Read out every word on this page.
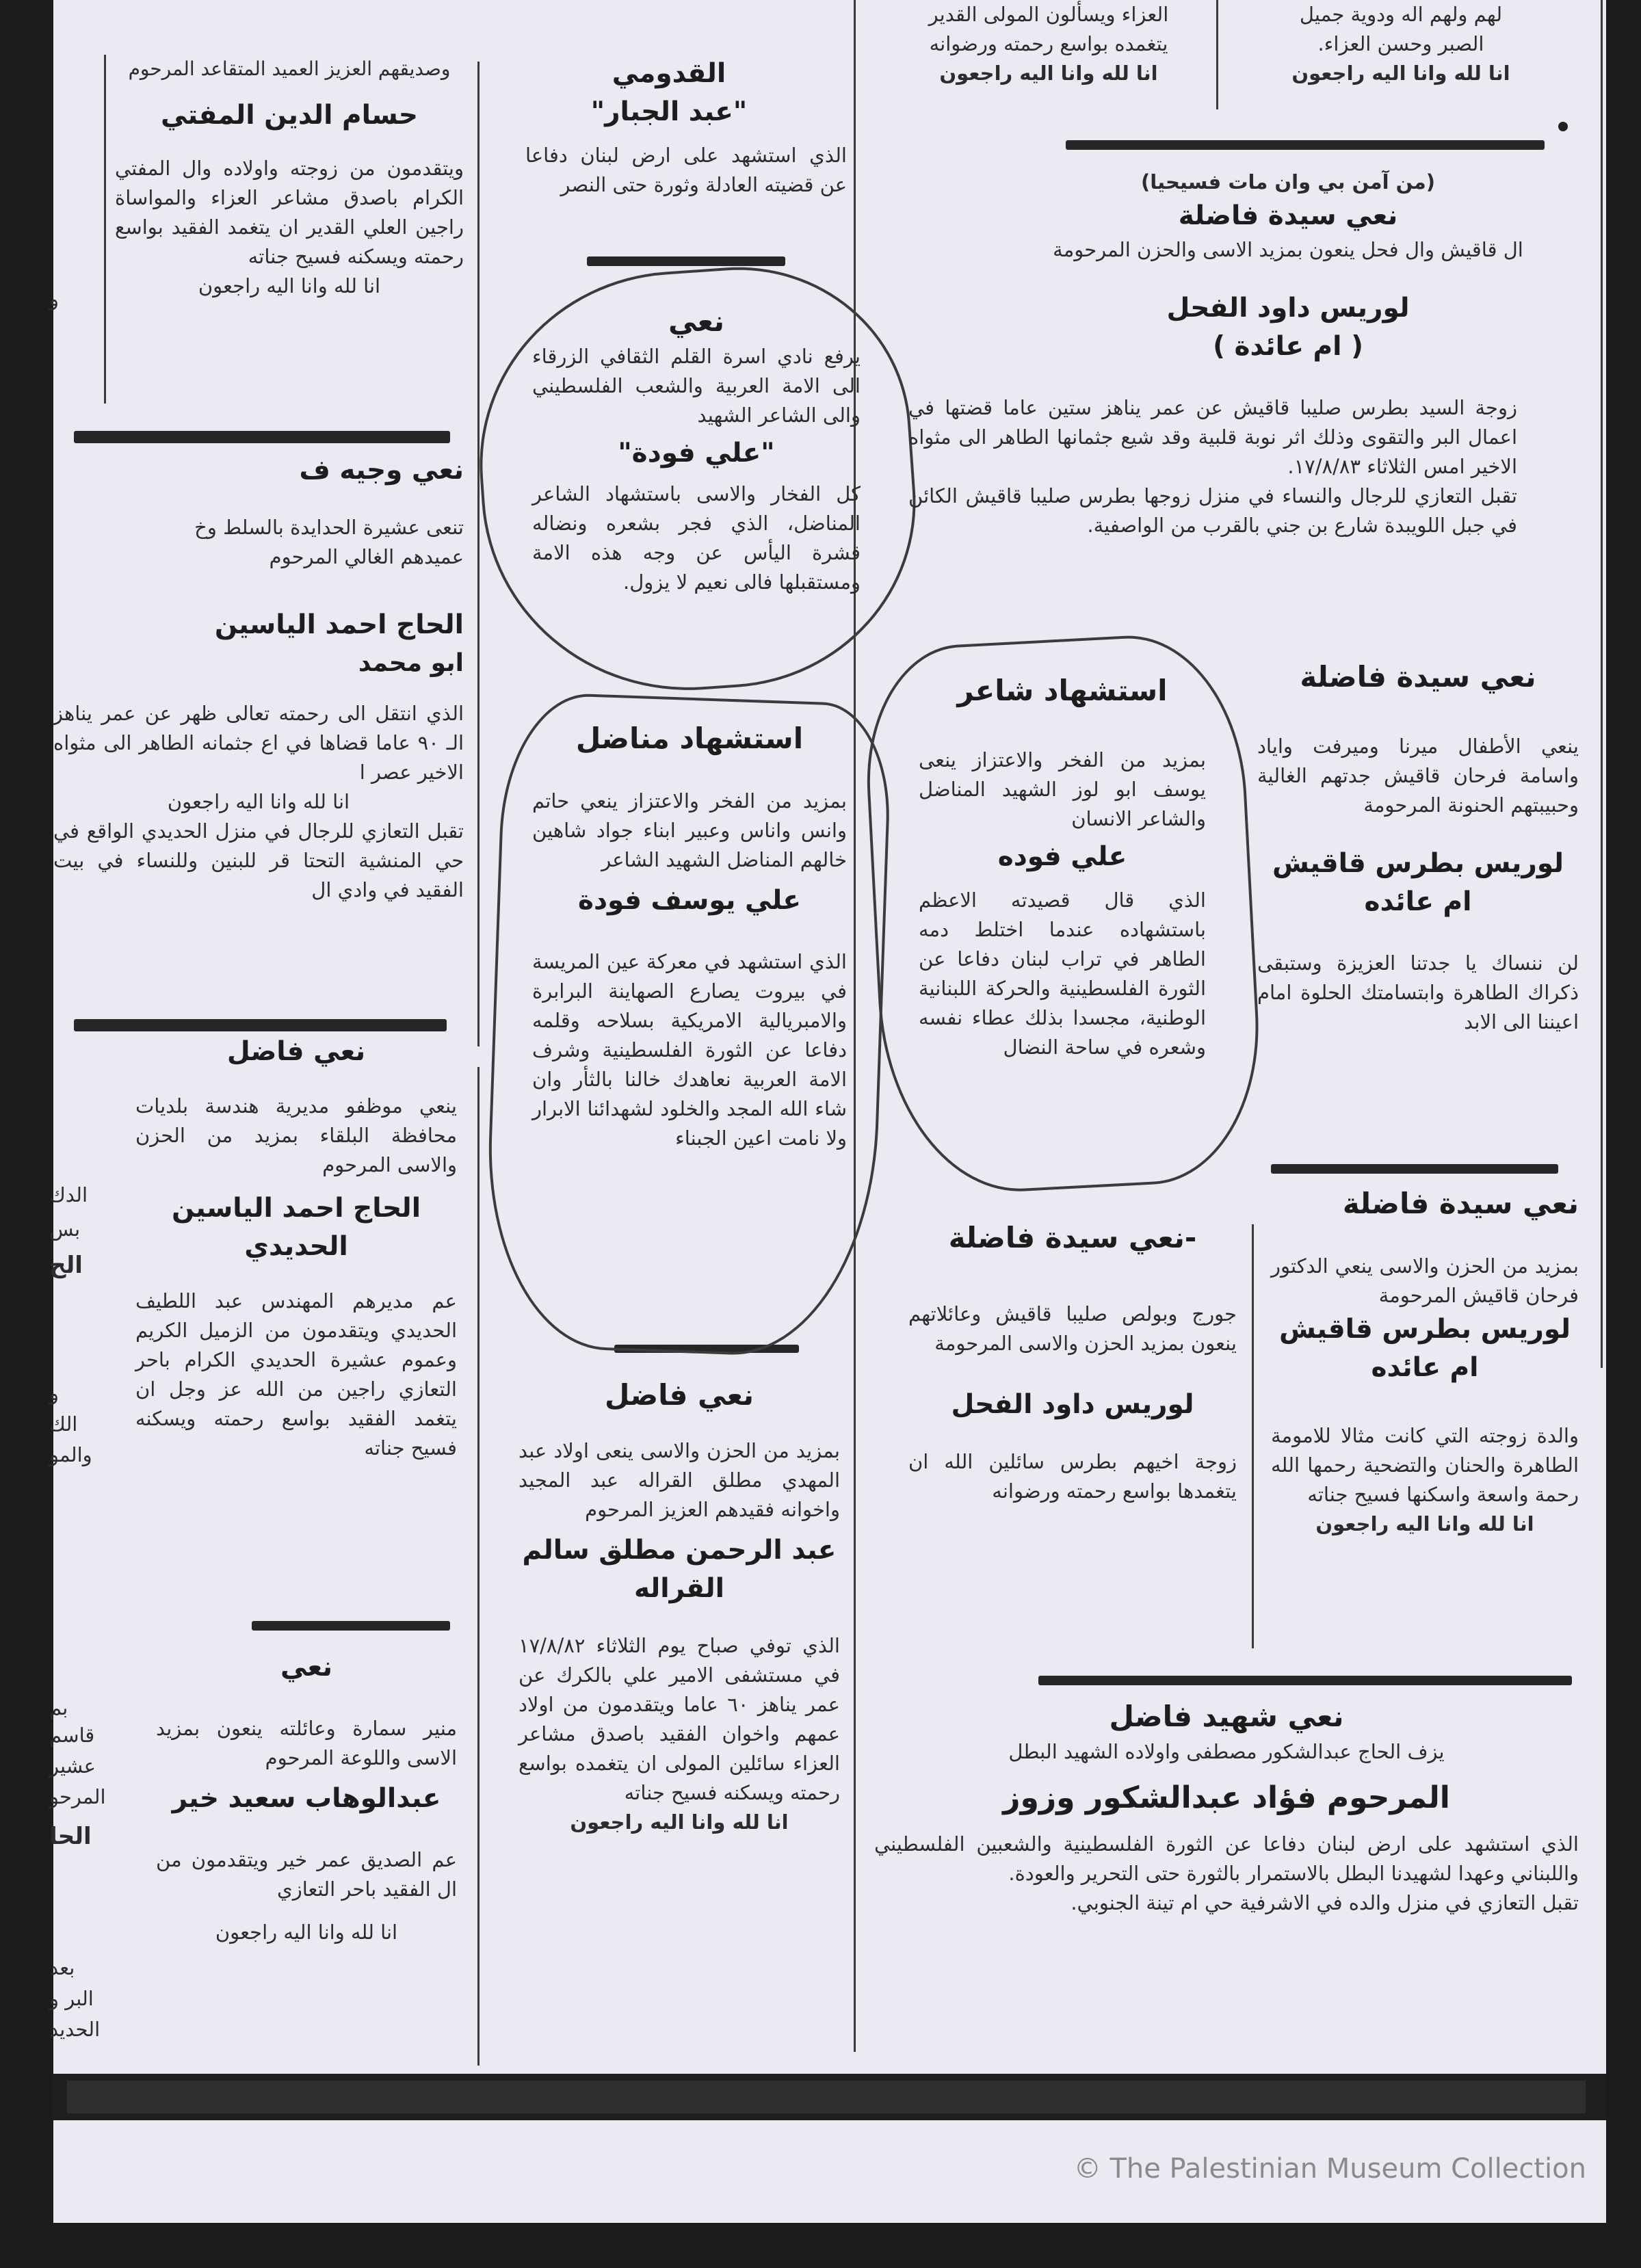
وصديقهم العزيز العميد المتقاعد المرحوم

حسام الدين المفتي

ويتقدمون من زوجته واولاده وال المفتي الكرام باصدق مشاعر العزاء والمواساة راجين العلي القدير ان يتغمد الفقيد بواسع رحمته ويسكنه فسيح جناته

انا لله وانا اليه راجعون

نعي وجيه ف

تنعى عشيرة الحدايدة بالسلط وخ

عميدهم الغالي المرحوم

الحاج احمد الياسين
ابو محمد

الذي انتقل الى رحمته تعالى ظهر عن عمر يناهز الـ ٩٠ عاما قضاها في اع جثمانه الطاهر الى مثواه الاخير عصر ا

انا لله وانا اليه راجعون

تقبل التعازي للرجال في منزل الحديدي الواقع في حي المنشية التحتا قر للبنين وللنساء في بيت الفقيد في وادي ال

نعي فاضل

ينعي موظفو مديرية هندسة بلديات محافظة البلقاء بمزيد من الحزن والاسى المرحوم

الحاج احمد الياسين الحديدي

عم مديرهم المهندس عبد اللطيف الحديدي ويتقدمون من الزميل الكريم وعموم عشيرة الحديدي الكرام باحر التعازي راجين من الله عز وجل ان يتغمد الفقيد بواسع رحمته ويسكنه فسيح جناته

نعي

منير سمارة وعائلته ينعون بمزيد الاسى واللوعة المرحوم

عبدالوهاب سعيد خير

عم الصديق عمر خير ويتقدمون من ال الفقيد باحر التعازي

انا لله وانا اليه راجعون

و
الدك
بس
الح
و
الك
والمو
بم
قاسم
عشير
المرحو
الحا
بعد
البر و
الحديد
القدومي
"عبد الجبار"

الذي استشهد على ارض لبنان دفاعا عن قضيته العادلة وثورة حتى النصر

نعي

يرفع نادي اسرة القلم الثقافي الزرقاء الى الامة العربية والشعب الفلسطيني والى الشاعر الشهيد

"علي فودة"

كل الفخار والاسى باستشهاد الشاعر المناضل، الذي فجر بشعره ونضاله قشرة اليأس عن وجه هذه الامة ومستقبلها فالى نعيم لا يزول.

استشهاد مناضل

بمزيد من الفخر والاعتزاز ينعي حاتم وانس واناس وعبير ابناء جواد شاهين خالهم المناضل الشهيد الشاعر

علي يوسف فودة

الذي استشهد في معركة عين المريسة في بيروت يصارع الصهاينة البرابرة والامبريالية الامريكية بسلاحه وقلمه دفاعا عن الثورة الفلسطينية وشرف الامة العربية نعاهدك خالنا بالثأر وان شاء الله المجد والخلود لشهدائنا الابرار ولا نامت اعين الجبناء

نعي فاضل

بمزيد من الحزن والاسى ينعى اولاد عبد المهدي مطلق القراله عبد المجيد واخوانه فقيدهم العزيز المرحوم

عبد الرحمن مطلق سالم القراله

الذي توفي صباح يوم الثلاثاء ١٧/٨/٨٢ في مستشفى الامير علي بالكرك عن عمر يناهز ٦٠ عاما ويتقدمون من اولاد عمهم واخوان الفقيد باصدق مشاعر العزاء سائلين المولى ان يتغمده بواسع رحمته ويسكنه فسيح جناته

انا لله وانا اليه راجعون

العزاء ويسألون المولى القدير

يتغمده بواسع رحمته ورضوانه

انا لله وانا اليه راجعون

(من آمن بي وان مات فسيحيا)

نعي سيدة فاضلة

ال قاقيش وال فحل ينعون بمزيد الاسى والحزن المرحومة

لوريس داود الفحل
( ام عائدة )

زوجة السيد بطرس صليبا قاقيش عن عمر يناهز ستين عاما قضتها في اعمال البر والتقوى وذلك اثر نوبة قلبية وقد شيع جثمانها الطاهر الى مثواه الاخير امس الثلاثاء ١٧/٨/٨٣.

تقبل التعازي للرجال والنساء في منزل زوجها بطرس صليبا قاقيش الكائن في جبل اللويبدة شارع بن جني بالقرب من الواصفية.

استشهاد شاعر

بمزيد من الفخر والاعتزاز ينعى يوسف ابو لوز الشهيد المناضل والشاعر الانسان

علي فوده

الذي قال قصيدته الاعظم باستشهاده عندما اختلط دمه الطاهر في تراب لبنان دفاعا عن الثورة الفلسطينية والحركة اللبنانية الوطنية، مجسدا بذلك عطاء نفسه وشعره في ساحة النضال

-نعي سيدة فاضلة

جورج وبولص صليبا قاقيش وعائلاتهم ينعون بمزيد الحزن والاسى المرحومة

لوريس داود الفحل

زوجة اخيهم بطرس سائلين الله ان يتغمدها بواسع رحمته ورضوانه

لهم ولهم اله ودوية جميل

الصبر وحسن العزاء.

انا لله وانا اليه راجعون

نعي سيدة فاضلة

ينعي الأطفال ميرنا وميرفت واياد واسامة فرحان قاقيش جدتهم الغالية وحبيبتهم الحنونة المرحومة

لوريس بطرس قاقيش
ام عائده

لن ننساك يا جدتنا العزيزة وستبقى ذكراك الطاهرة وابتسامتك الحلوة امام اعيننا الى الابد

نعي سيدة فاضلة

بمزيد من الحزن والاسى ينعي الدكتور فرحان قاقيش المرحومة

لوريس بطرس قاقيش
ام عائده

والدة زوجته التي كانت مثالا للامومة الطاهرة والحنان والتضحية رحمها الله رحمة واسعة واسكنها فسيح جناته

انا لله وانا اليه راجعون

نعي شهيد فاضل

يزف الحاج عبدالشكور مصطفى واولاده الشهيد البطل

المرحوم فؤاد عبدالشكور وزوز

الذي استشهد على ارض لبنان دفاعا عن الثورة الفلسطينية والشعبين الفلسطيني واللبناني وعهدا لشهيدنا البطل بالاستمرار بالثورة حتى التحرير والعودة.

تقبل التعازي في منزل والده في الاشرفية حي ام تينة الجنوبي.

© The Palestinian Museum Collection
